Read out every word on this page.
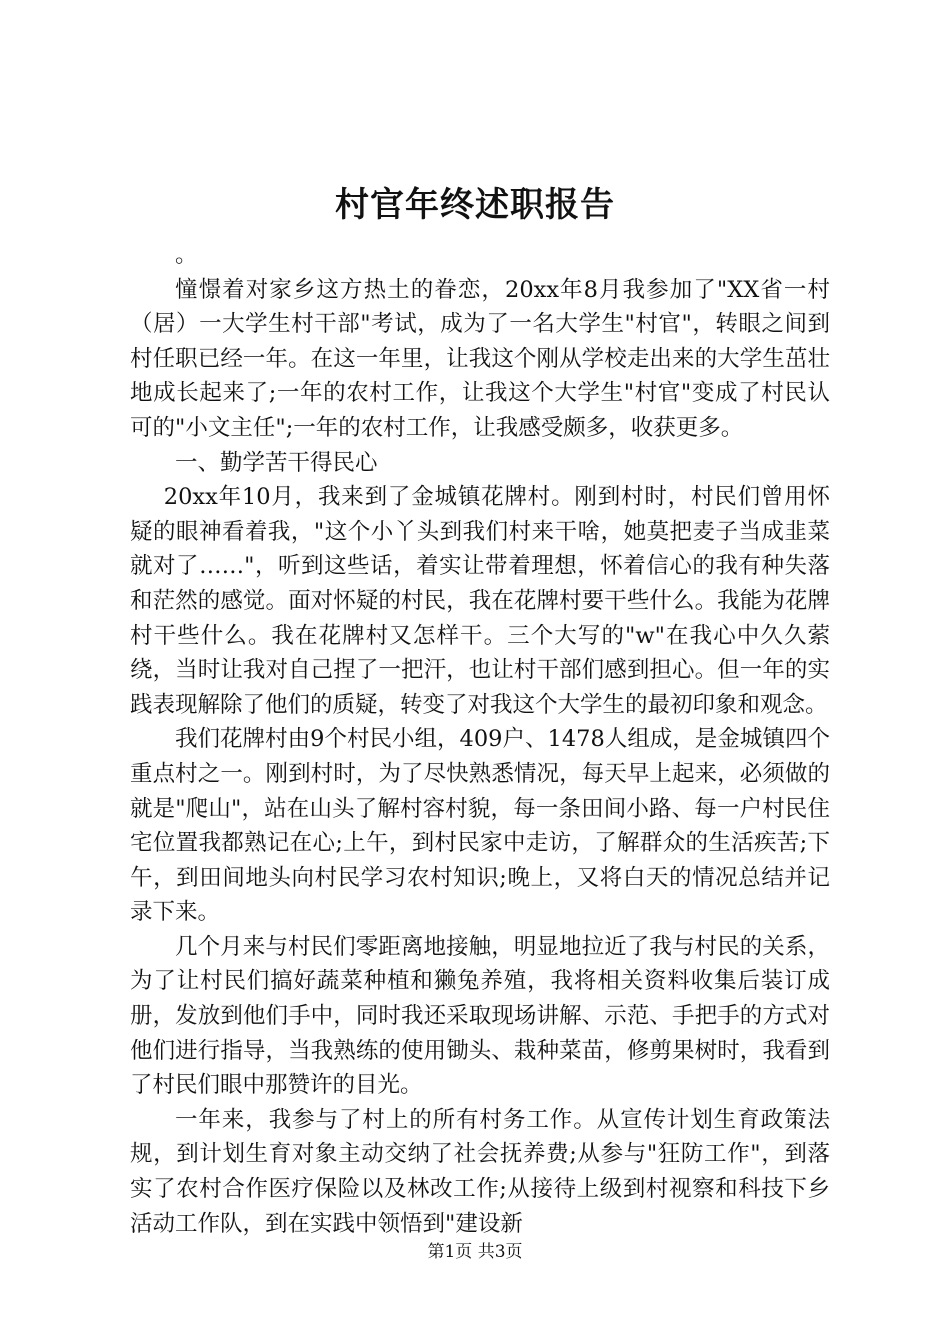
村官年终述职报告

。

憧憬着对家乡这方热土的眷恋，20xx年8月我参加了"XX省一村（居）一大学生村干部"考试，成为了一名大学生"村官"，转眼之间到村任职已经一年。在这一年里，让我这个刚从学校走出来的大学生茁壮地成长起来了;一年的农村工作，让我这个大学生"村官"变成了村民认可的"小文主任";一年的农村工作，让我感受颇多，收获更多。

一、勤学苦干得民心

20xx年10月，我来到了金城镇花牌村。刚到村时，村民们曾用怀疑的眼神看着我，"这个小丫头到我们村来干啥，她莫把麦子当成韭菜就对了……"，听到这些话，着实让带着理想，怀着信心的我有种失落和茫然的感觉。面对怀疑的村民，我在花牌村要干些什么。我能为花牌村干些什么。我在花牌村又怎样干。三个大写的"w"在我心中久久萦绕，当时让我对自己捏了一把汗，也让村干部们感到担心。但一年的实践表现解除了他们的质疑，转变了对我这个大学生的最初印象和观念。

我们花牌村由9个村民小组，409户、1478人组成，是金城镇四个重点村之一。刚到村时，为了尽快熟悉情况，每天早上起来，必须做的就是"爬山"，站在山头了解村容村貌，每一条田间小路、每一户村民住宅位置我都熟记在心;上午，到村民家中走访，了解群众的生活疾苦;下午，到田间地头向村民学习农村知识;晚上，又将白天的情况总结并记录下来。

几个月来与村民们零距离地接触，明显地拉近了我与村民的关系，为了让村民们搞好蔬菜种植和獭兔养殖，我将相关资料收集后装订成册，发放到他们手中，同时我还采取现场讲解、示范、手把手的方式对他们进行指导，当我熟练的使用锄头、栽种菜苗，修剪果树时，我看到了村民们眼中那赞许的目光。

一年来，我参与了村上的所有村务工作。从宣传计划生育政策法规，到计划生育对象主动交纳了社会抚养费;从参与"狂防工作"，到落实了农村合作医疗保险以及林改工作;从接待上级到村视察和科技下乡活动工作队，到在实践中领悟到"建设新

第1页 共3页
